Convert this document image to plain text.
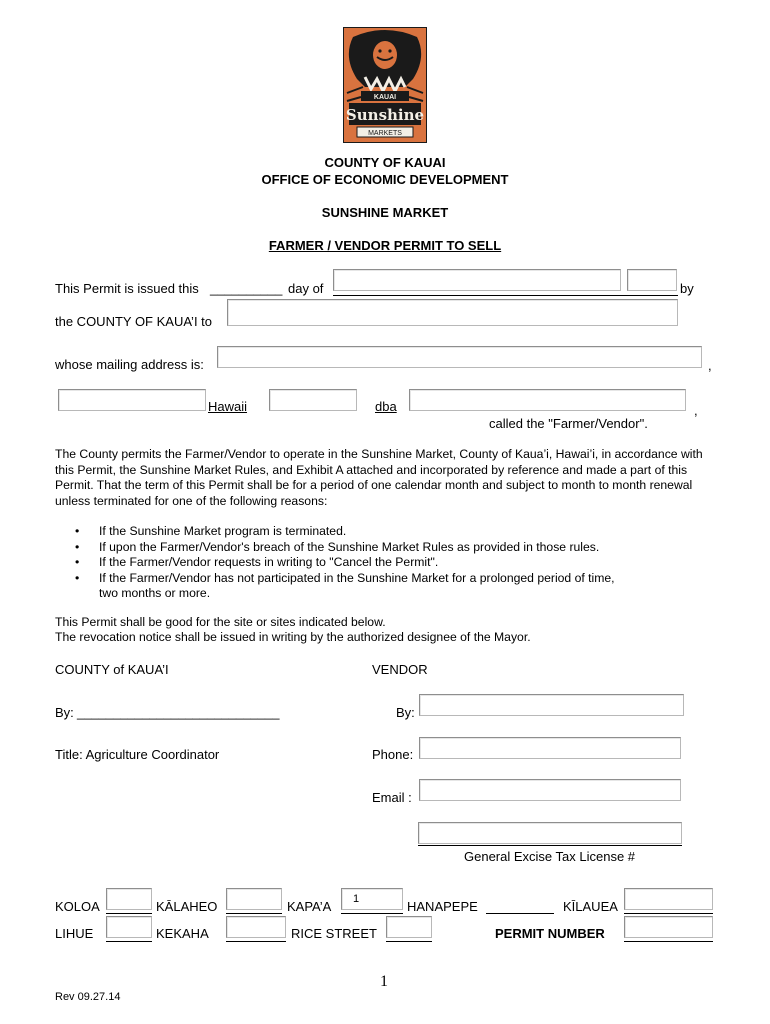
KAUAI
Sunshine
MARKETS
COUNTY OF KAUAI
OFFICE OF ECONOMIC DEVELOPMENT
SUNSHINE MARKET
FARMER / VENDOR PERMIT TO SELL
This Permit is issued this __________ day of	by
the COUNTY OF KAUA’I to
whose mailing address is:	,
Hawaii	dba	,
called the "Farmer/Vendor".
The County permits the Farmer/Vendor to operate in the Sunshine Market, County of Kaua’i, Hawai’i, in accordance with this Permit, the Sunshine Market Rules, and Exhibit A attached and incorporated by reference and made a part of this Permit. That the term of this Permit shall be for a period of one calendar month and subject to month to month renewal unless terminated for one of the following reasons:
• If the Sunshine Market program is terminated.
• If upon the Farmer/Vendor's breach of the Sunshine Market Rules as provided in those rules.
• If the Farmer/Vendor requests in writing to "Cancel the Permit".
• If the Farmer/Vendor has not participated in the Sunshine Market for a prolonged period of time,
two months or more.
This Permit shall be good for the site or sites indicated below.
The revocation notice shall be issued in writing by the authorized designee of the Mayor.
COUNTY of KAUA’I	VENDOR
By: ____________________________	By:
Title: Agriculture Coordinator	Phone:
Email :
General Excise Tax License #
KOLOA	KĀLAHEO	KAPA’A	1	HANAPEPE	KĪLAUEA
LIHUE	KEKAHA	RICE STREET	PERMIT NUMBER
1
Rev 09.27.14
